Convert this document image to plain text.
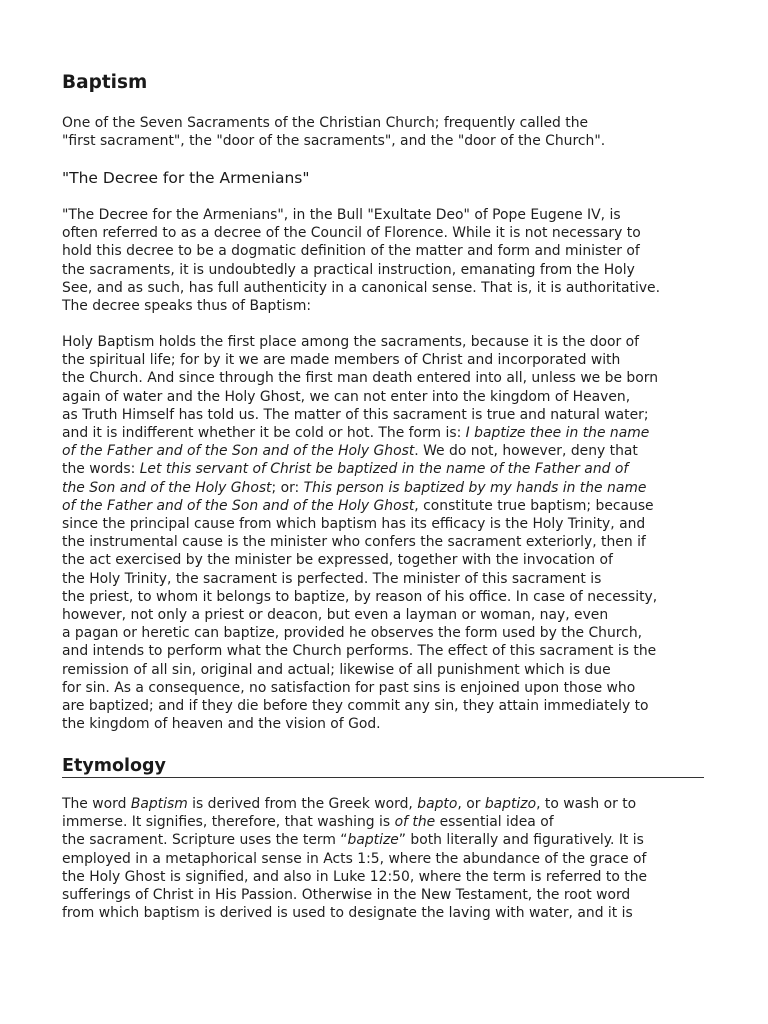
Baptism
One of the Seven Sacraments of the Christian Church; frequently called the
"first sacrament", the "door of the sacraments", and the "door of the Church".
"The Decree for the Armenians"
"The Decree for the Armenians", in the Bull "Exultate Deo" of Pope Eugene IV, is
often referred to as a decree of the Council of Florence. While it is not necessary to
hold this decree to be a dogmatic definition of the matter and form and minister of
the sacraments, it is undoubtedly a practical instruction, emanating from the Holy
See, and as such, has full authenticity in a canonical sense. That is, it is authoritative.
The decree speaks thus of Baptism:
Holy Baptism holds the first place among the sacraments, because it is the door of
the spiritual life; for by it we are made members of Christ and incorporated with
the Church. And since through the first man death entered into all, unless we be born
again of water and the Holy Ghost, we can not enter into the kingdom of Heaven,
as Truth Himself has told us. The matter of this sacrament is true and natural water;
and it is indifferent whether it be cold or hot. The form is: I baptize thee in the name
of the Father and of the Son and of the Holy Ghost. We do not, however, deny that
the words: Let this servant of Christ be baptized in the name of the Father and of
the Son and of the Holy Ghost; or: This person is baptized by my hands in the name
of the Father and of the Son and of the Holy Ghost, constitute true baptism; because
since the principal cause from which baptism has its efficacy is the Holy Trinity, and
the instrumental cause is the minister who confers the sacrament exteriorly, then if
the act exercised by the minister be expressed, together with the invocation of
the Holy Trinity, the sacrament is perfected. The minister of this sacrament is
the priest, to whom it belongs to baptize, by reason of his office. In case of necessity,
however, not only a priest or deacon, but even a layman or woman, nay, even
a pagan or heretic can baptize, provided he observes the form used by the Church,
and intends to perform what the Church performs. The effect of this sacrament is the
remission of all sin, original and actual; likewise of all punishment which is due
for sin. As a consequence, no satisfaction for past sins is enjoined upon those who
are baptized; and if they die before they commit any sin, they attain immediately to
the kingdom of heaven and the vision of God.
Etymology
The word Baptism is derived from the Greek word, bapto, or baptizo, to wash or to
immerse. It signifies, therefore, that washing is of the essential idea of
the sacrament. Scripture uses the term “baptize” both literally and figuratively. It is
employed in a metaphorical sense in Acts 1:5, where the abundance of the grace of
the Holy Ghost is signified, and also in Luke 12:50, where the term is referred to the
sufferings of Christ in His Passion. Otherwise in the New Testament, the root word
from which baptism is derived is used to designate the laving with water, and it is
